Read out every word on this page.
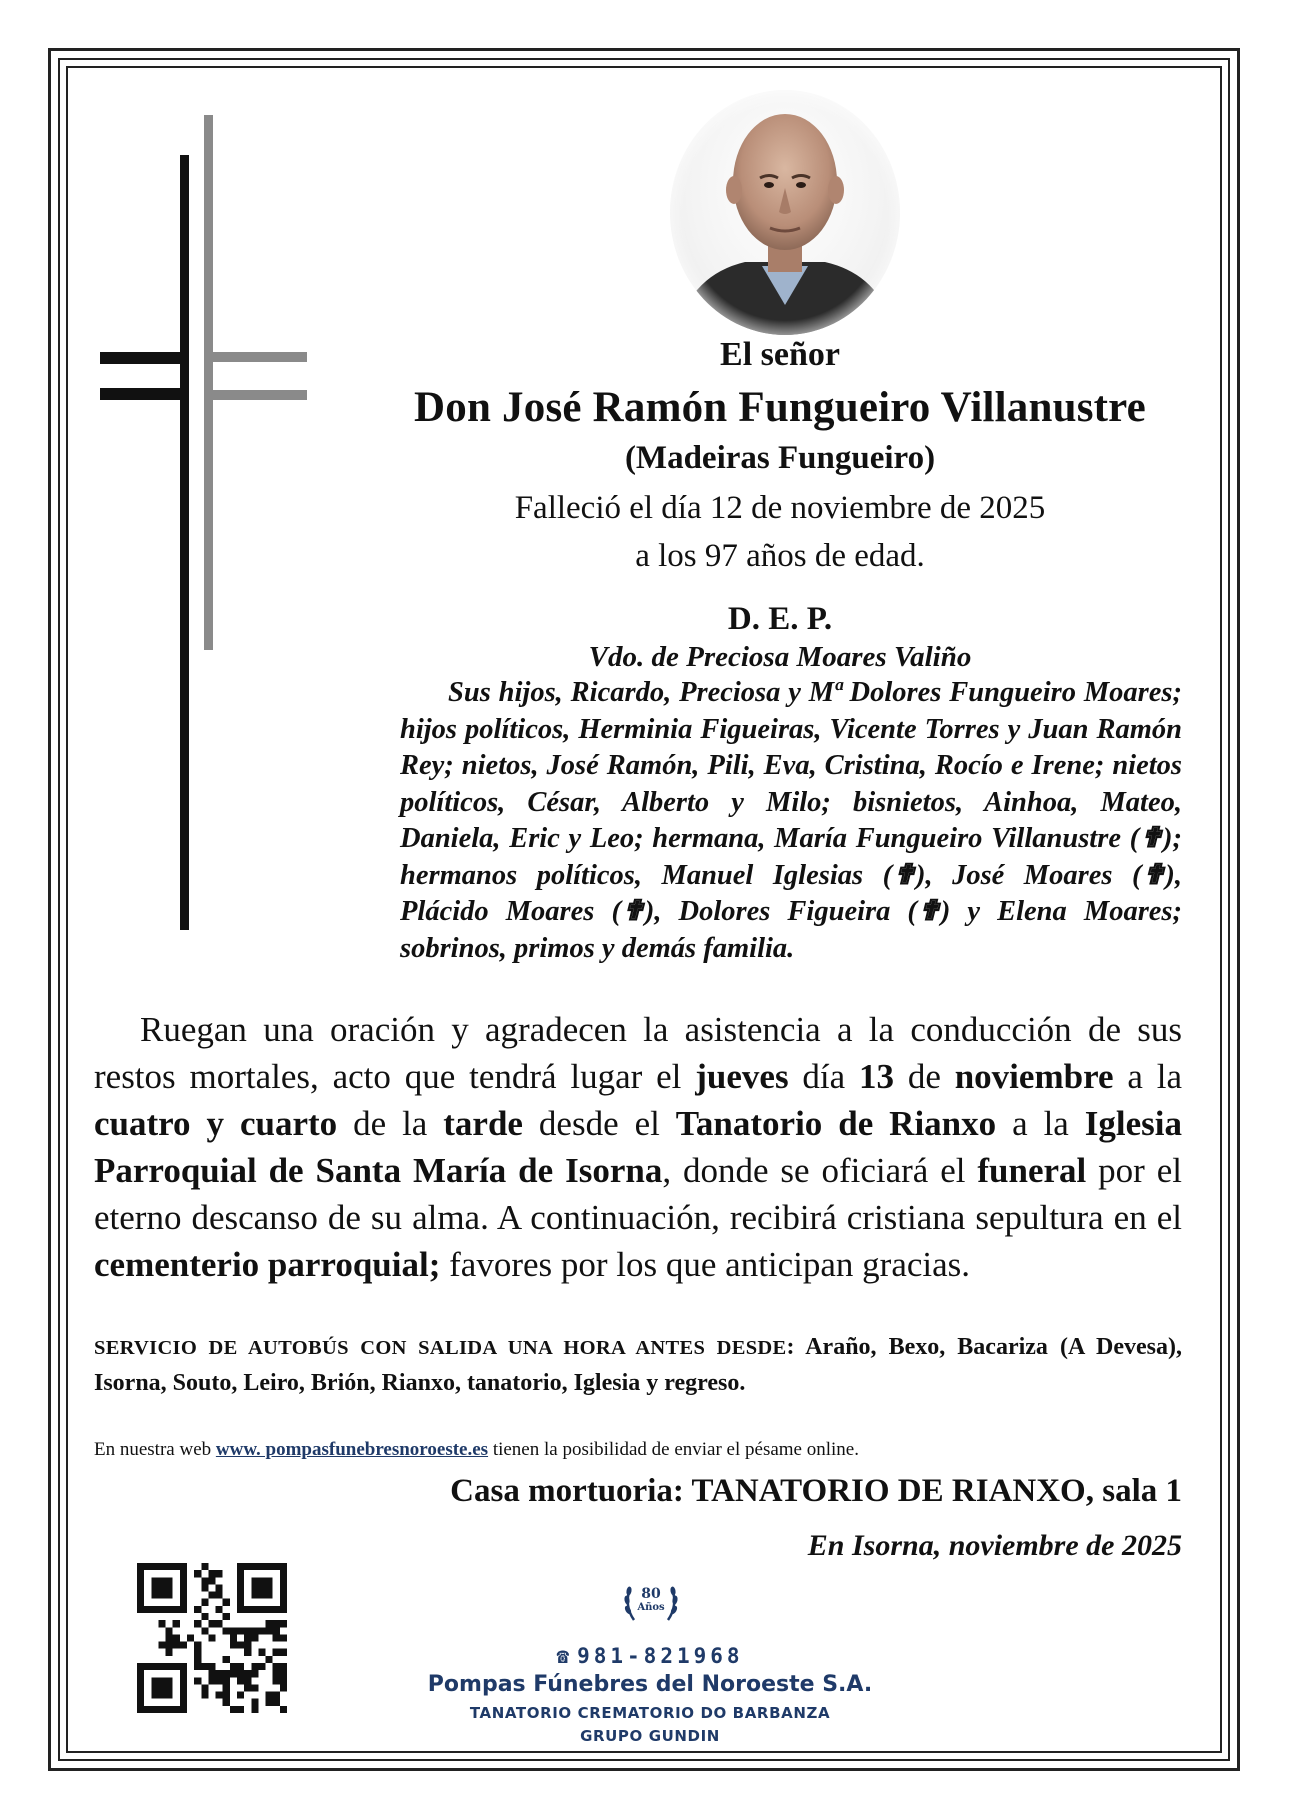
El señor
Don José Ramón Fungueiro Villanustre
(Madeiras Fungueiro)
Falleció el día 12 de noviembre de 2025
a los 97 años de edad.
D. E. P.
Vdo. de Preciosa Moares Valiño
Sus hijos, Ricardo, Preciosa y Mª Dolores Fungueiro Moares; hijos políticos, Herminia Figueiras, Vicente Torres y Juan Ramón Rey; nietos, José Ramón, Pili, Eva, Cristina, Rocío e Irene; nietos políticos, César, Alberto y Milo; bisnietos, Ainhoa, Mateo, Daniela, Eric y Leo; hermana, María Fungueiro Villanustre (✟); hermanos políticos, Manuel Iglesias (✟), José Moares (✟), Plácido Moares (✟), Dolores Figueira (✟) y Elena Moares; sobrinos, primos y demás familia.
Ruegan una oración y agradecen la asistencia a la conducción de sus restos mortales, acto que tendrá lugar el jueves día 13 de noviembre a la cuatro y cuarto de la tarde desde el Tanatorio de Rianxo a la Iglesia Parroquial de Santa María de Isorna, donde se oficiará el funeral por el eterno descanso de su alma. A continuación, recibirá cristiana sepultura en el cementerio parroquial; favores por los que anticipan gracias.
SERVICIO DE AUTOBÚS CON SALIDA UNA HORA ANTES DESDE: Araño, Bexo, Bacariza (A Devesa), Isorna, Souto, Leiro, Brión, Rianxo, tanatorio, Iglesia y regreso.
En nuestra web www. pompasfunebresnoroeste.es tienen la posibilidad de enviar el pésame online.
Casa mortuoria: TANATORIO DE RIANXO, sala 1
En Isorna, noviembre de 2025
80
Años
☎ 981-821968
Pompas Fúnebres del Noroeste S.A.
TANATORIO CREMATORIO DO BARBANZA
GRUPO GUNDIN
